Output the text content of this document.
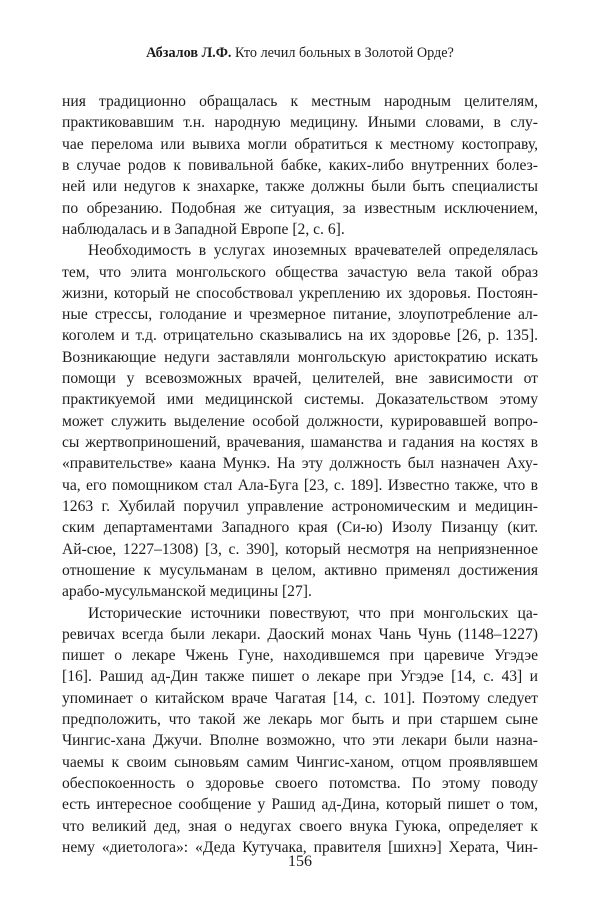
Абзалов Л.Ф. Кто лечил больных в Золотой Орде?
ния традиционно обращалась к местным народным целителям,
практиковавшим т.н. народную медицину. Иными словами, в слу-
чае перелома или вывиха могли обратиться к местному костоправу,
в случае родов к повивальной бабке, каких-либо внутренних болез-
ней или недугов к знахарке, также должны были быть специалисты
по обрезанию. Подобная же ситуация, за известным исключением,
наблюдалась и в Западной Европе [2, с. 6].
Необходимость в услугах иноземных врачевателей определялась
тем, что элита монгольского общества зачастую вела такой образ
жизни, который не способствовал укреплению их здоровья. Постоян-
ные стрессы, голодание и чрезмерное питание, злоупотребление ал-
коголем и т.д. отрицательно сказывались на их здоровье [26, p. 135].
Возникающие недуги заставляли монгольскую аристократию искать
помощи у всевозможных врачей, целителей, вне зависимости от
практикуемой ими медицинской системы. Доказательством этому
может служить выделение особой должности, курировавшей вопро-
сы жертвоприношений, врачевания, шаманства и гадания на костях в
«правительстве» каана Мункэ. На эту должность был назначен Аху-
ча, его помощником стал Ала-Буга [23, с. 189]. Известно также, что в
1263 г. Хубилай поручил управление астрономическим и медицин-
ским департаментами Западного края (Си-ю) Изолу Пизанцу (кит.
Ай-сюе, 1227–1308) [3, с. 390], который несмотря на неприязненное
отношение к мусульманам в целом, активно применял достижения
арабо-мусульманской медицины [27].
Исторические источники повествуют, что при монгольских ца-
ревичах всегда были лекари. Даоский монах Чань Чунь (1148–1227)
пишет о лекаре Чжень Гуне, находившемся при царевиче Угэдэе
[16]. Рашид ад-Дин также пишет о лекаре при Угэдэе [14, с. 43] и
упоминает о китайском враче Чагатая [14, с. 101]. Поэтому следует
предположить, что такой же лекарь мог быть и при старшем сыне
Чингис-хана Джучи. Вполне возможно, что эти лекари были назна-
чаемы к своим сыновьям самим Чингис-ханом, отцом проявлявшем
обеспокоенность о здоровье своего потомства. По этому поводу
есть интересное сообщение у Рашид ад-Дина, который пишет о том,
что великий дед, зная о недугах своего внука Гуюка, определяет к
нему «диетолога»: «Деда Кутучака, правителя [шихнэ] Херата, Чин-
156
